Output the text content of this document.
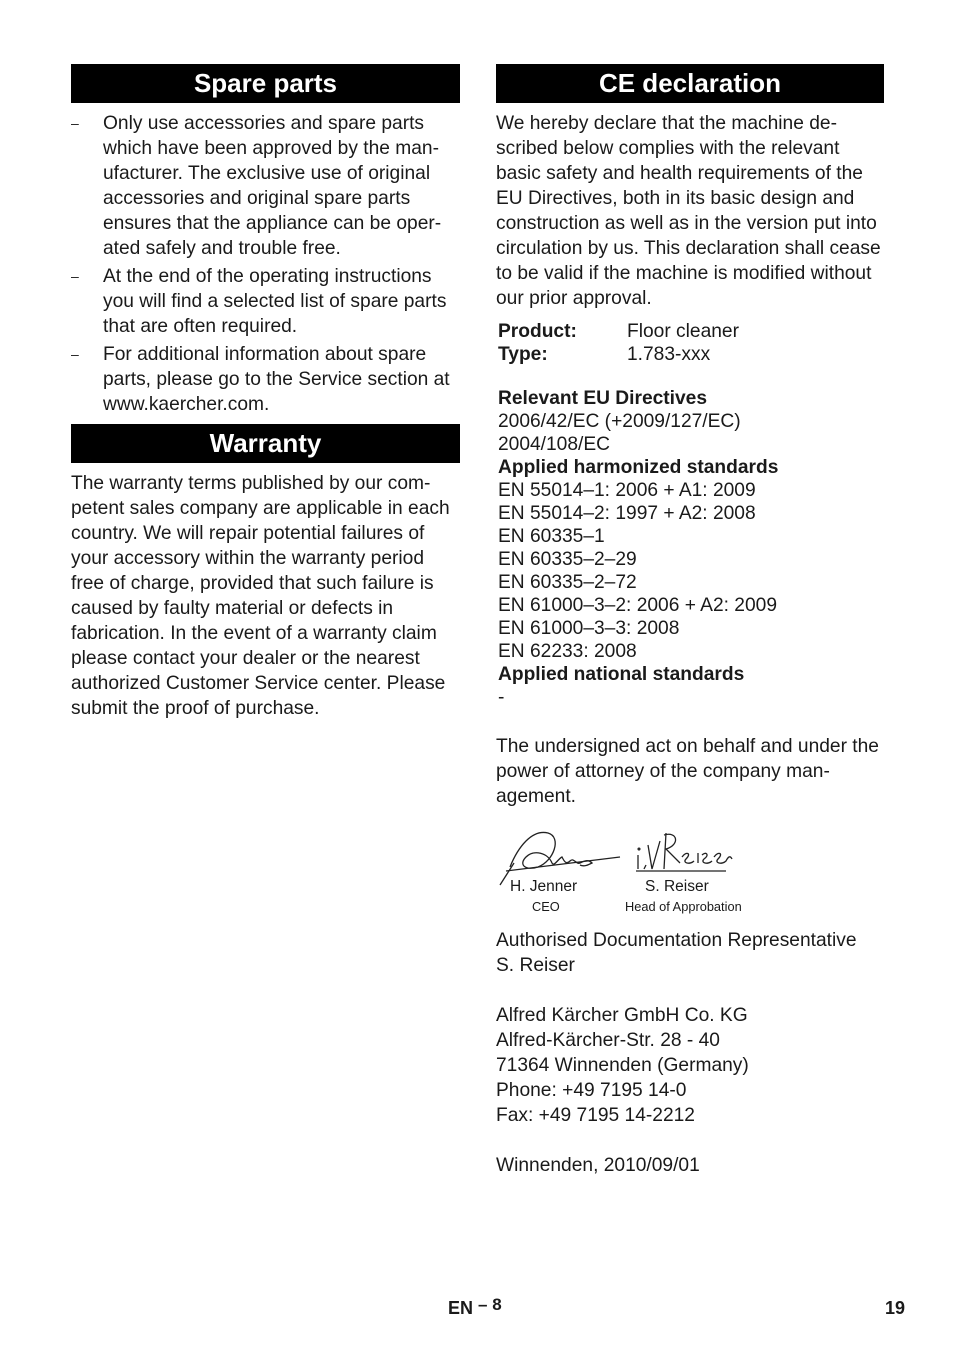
Spare parts
– Only use accessories and spare parts which have been approved by the manufacturer. The exclusive use of original accessories and original spare parts ensures that the appliance can be operated safely and trouble free.
– At the end of the operating instructions you will find a selected list of spare parts that are often required.
– For additional information about spare parts, please go to the Service section at www.kaercher.com.
Warranty

The warranty terms published by our competent sales company are applicable in each country. We will repair potential failures of your accessory within the warranty period free of charge, provided that such failure is caused by faulty material or defects in fabrication. In the event of a warranty claim please contact your dealer or the nearest authorized Customer Service center. Please submit the proof of purchase.

CE declaration

We hereby declare that the machine described below complies with the relevant basic safety and health requirements of the EU Directives, both in its basic design and construction as well as in the version put into circulation by us. This declaration shall cease to be valid if the machine is modified without our prior approval.

Product:	Floor cleaner
Type:	1.783-xxx

Relevant EU Directives

2006/42/EC (+2009/127/EC)

2004/108/EC

Applied harmonized standards

EN 55014–1: 2006 + A1: 2009

EN 55014–2: 1997 + A2: 2008

EN 60335–1

EN 60335–2–29

EN 60335–2–72

EN 61000–3–2: 2006 + A2: 2009

EN 61000–3–3: 2008

EN 62233: 2008

Applied national standards

-

The undersigned act on behalf and under the power of attorney of the company management.

H. Jenner
CEO
S. Reiser
Head of Approbation

Authorised Documentation Representative

S. Reiser

Alfred Kärcher GmbH Co. KG

Alfred-Kärcher-Str. 28 - 40

71364 Winnenden (Germany)

Phone: +49 7195 14-0

Fax: +49 7195 14-2212

Winnenden, 2010/09/01

EN – 8	19
